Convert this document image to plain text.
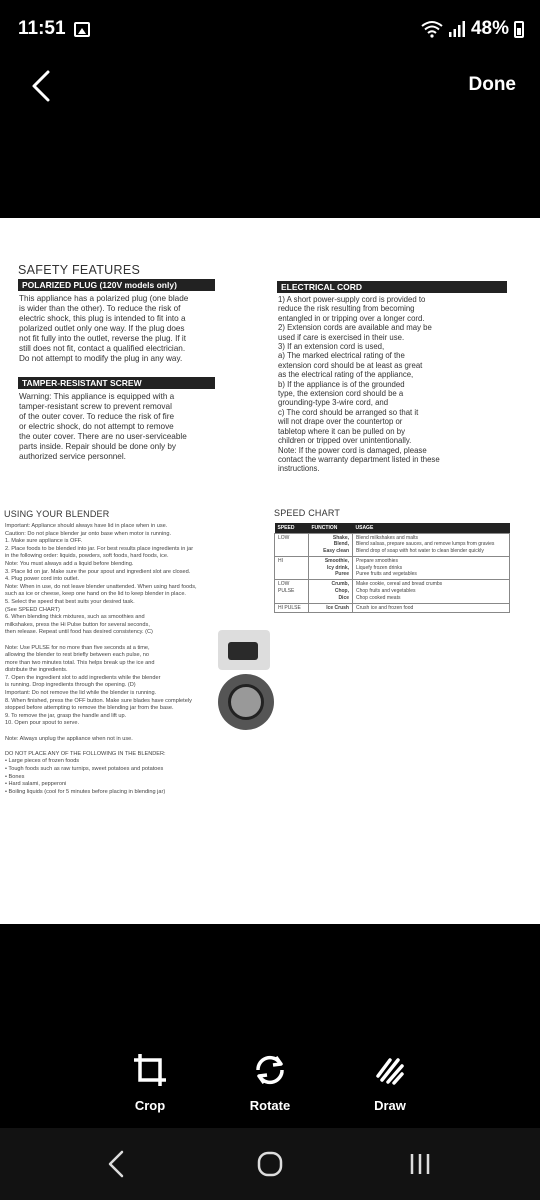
11:51	48%
Done
SAFETY FEATURES
POLARIZED PLUG (120V models only)
This appliance has a polarized plug (one blade
is wider than the other). To reduce the risk of
electric shock, this plug is intended to fit into a
polarized outlet only one way. If the plug does
not fit fully into the outlet, reverse the plug. If it
still does not fit, contact a qualified electrician.
Do not attempt to modify the plug in any way.
TAMPER-RESISTANT SCREW
Warning: This appliance is equipped with a
tamper-resistant screw to prevent removal
of the outer cover. To reduce the risk of fire
or electric shock, do not attempt to remove
the outer cover. There are no user-serviceable
parts inside. Repair should be done only by
authorized service personnel.
ELECTRICAL CORD
1) A short power-supply cord is provided to
reduce the risk resulting from becoming
entangled in or tripping over a longer cord.
2) Extension cords are available and may be
used if care is exercised in their use.
3) If an extension cord is used,
a) The marked electrical rating of the
extension cord should be at least as great
as the electrical rating of the appliance,
b) If the appliance is of the grounded
type, the extension cord should be a
grounding-type 3-wire cord, and
c) The cord should be arranged so that it
will not drape over the countertop or
tabletop where it can be pulled on by
children or tripped over unintentionally.
Note: If the power cord is damaged, please
contact the warranty department listed in these
instructions.
USING YOUR BLENDER
Important: Appliance should always have lid in place when in use.
Caution: Do not place blender jar onto base when motor is running.
1. Make sure appliance is OFF.
2. Place foods to be blended into jar. For best results place ingredients in jar
in the following order: liquids, powders, soft foods, hard foods, ice.
Note: You must always add a liquid before blending.
3. Place lid on jar. Make sure the pour spout and ingredient slot are closed.
4. Plug power cord into outlet.
Note: When in use, do not leave blender unattended. When using hard foods,
such as ice or cheese, keep one hand on the lid to keep blender in place.
5. Select the speed that best suits your desired task.
(See SPEED CHART)
6. When blending thick mixtures, such as smoothies and
milkshakes, press the Hi Pulse button for several seconds,
then release. Repeat until food has desired consistency. (C)

Note: Use PULSE for no more than five seconds at a time,
allowing the blender to rest briefly between each pulse, no
more than two minutes total. This helps break up the ice and
distribute the ingredients.
7. Open the ingredient slot to add ingredients while the blender
is running. Drop ingredients through the opening. (D)
Important: Do not remove the lid while the blender is running.
8. When finished, press the OFF button. Make sure blades have completely
stopped before attempting to remove the blending jar from the base.
9. To remove the jar, grasp the handle and lift up.
10. Open pour spout to serve.

Note: Always unplug the appliance when not in use.

DO NOT PLACE ANY OF THE FOLLOWING IN THE BLENDER:
• Large pieces of frozen foods
• Tough foods such as raw turnips, sweet potatoes and potatoes
• Bones
• Hard salami, pepperoni
• Boiling liquids (cool for 5 minutes before placing in blending jar)
SPEED CHART
SPEED	FUNCTION	USAGE
LOW	Shake,
Blend,
Easy clean	Blend milkshakes and malts
Blend salsas, prepare sauces, and remove lumps from gravies
Blend drop of soap with hot water to clean blender quickly
HI	Smoothie,
Icy drink,
Puree	Prepare smoothies
Liquefy frozen drinks
Puree fruits and vegetables
LOW
PULSE	Crumb,
Chop,
Dice	Make cookie, cereal and bread crumbs
Chop fruits and vegetables
Chop cooked meats
HI PULSE	Ice Crush	Crush ice and frozen food
Crop	Rotate	Draw
